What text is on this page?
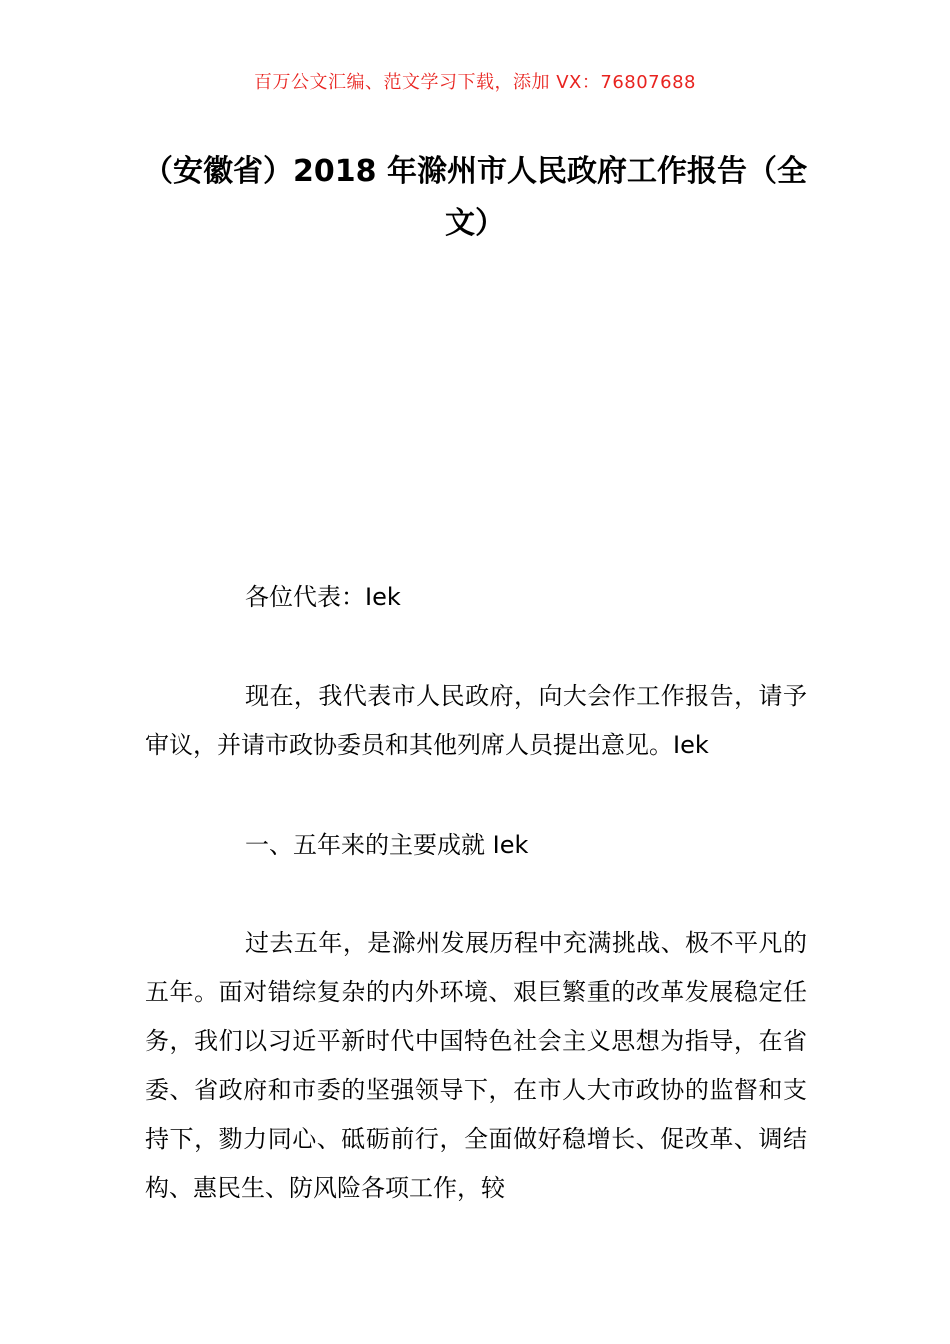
百万公文汇编、范文学习下载，添加 VX：76807688
（安徽省）2018 年滁州市人民政府工作报告（全文）

各位代表：Iek

现在，我代表市人民政府，向大会作工作报告，请予审议，并请市政协委员和其他列席人员提出意见。Iek

一、五年来的主要成就 Iek

过去五年，是滁州发展历程中充满挑战、极不平凡的五年。面对错综复杂的内外环境、艰巨繁重的改革发展稳定任务，我们以习近平新时代中国特色社会主义思想为指导，在省委、省政府和市委的坚强领导下，在市人大市政协的监督和支持下，勠力同心、砥砺前行，全面做好稳增长、促改革、调结构、惠民生、防风险各项工作，较
